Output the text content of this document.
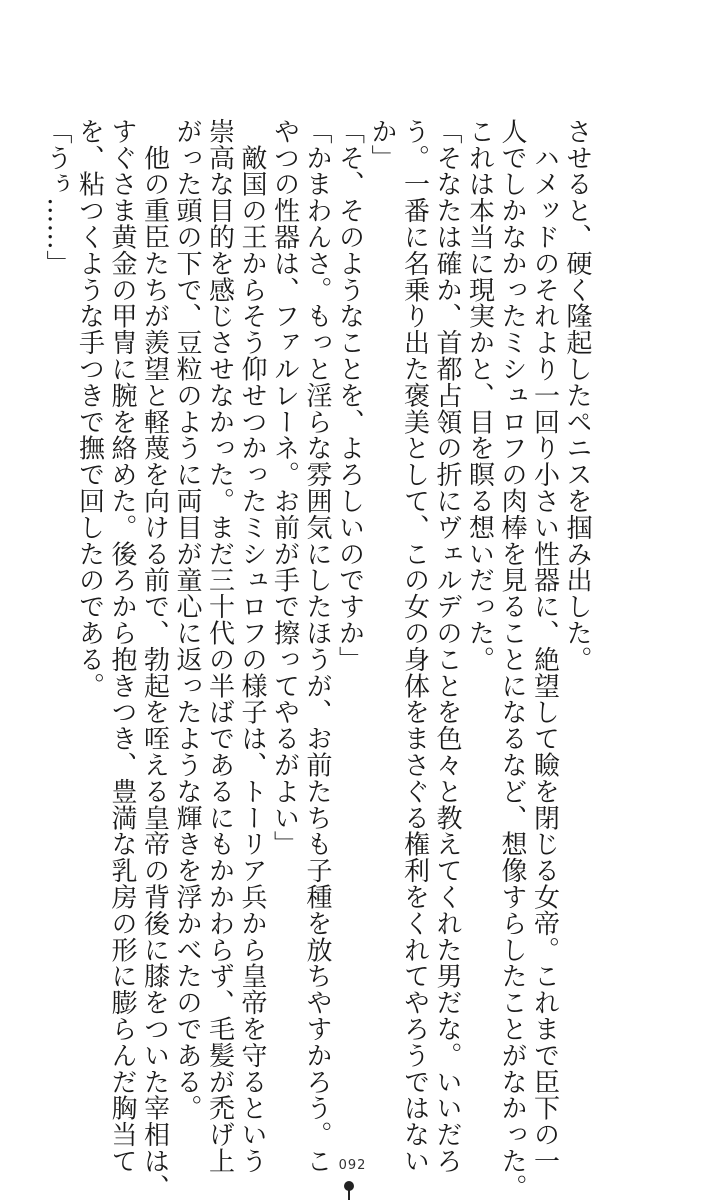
させると、硬く隆起したペニスを掴み出した。
　ハメッドのそれより一回り小さい性器に、絶望して瞼を閉じる女帝。これまで臣下の一
人でしかなかったミシュロフの肉棒を見ることになるなど、想像すらしたことがなかった。
これは本当に現実かと、目を瞑る想いだった。
「そなたは確か、首都占領の折にヴェルデのことを色々と教えてくれた男だな。いいだろ
う。一番に名乗り出た褒美として、この女の身体をまさぐる権利をくれてやろうではない
か」
「そ、そのようなことを、よろしいのですか」
「かまわんさ。もっと淫らな雰囲気にしたほうが、お前たちも子種を放ちやすかろう。こ
やつの性器は、ファルレーネ。お前が手で擦ってやるがよい」
　敵国の王からそう仰せつかったミシュロフの様子は、トーリア兵から皇帝を守るという
崇高な目的を感じさせなかった。まだ三十代の半ばであるにもかかわらず、毛髪が禿げ上
がった頭の下で、豆粒のように両目が童心に返ったような輝きを浮かべたのである。
　他の重臣たちが羨望と軽蔑を向ける前で、勃起を咥える皇帝の背後に膝をついた宰相は、
すぐさま黄金の甲冑に腕を絡めた。後ろから抱きつき、豊満な乳房の形に膨らんだ胸当て
を、粘つくような手つきで撫で回したのである。
「うぅ……」
092
